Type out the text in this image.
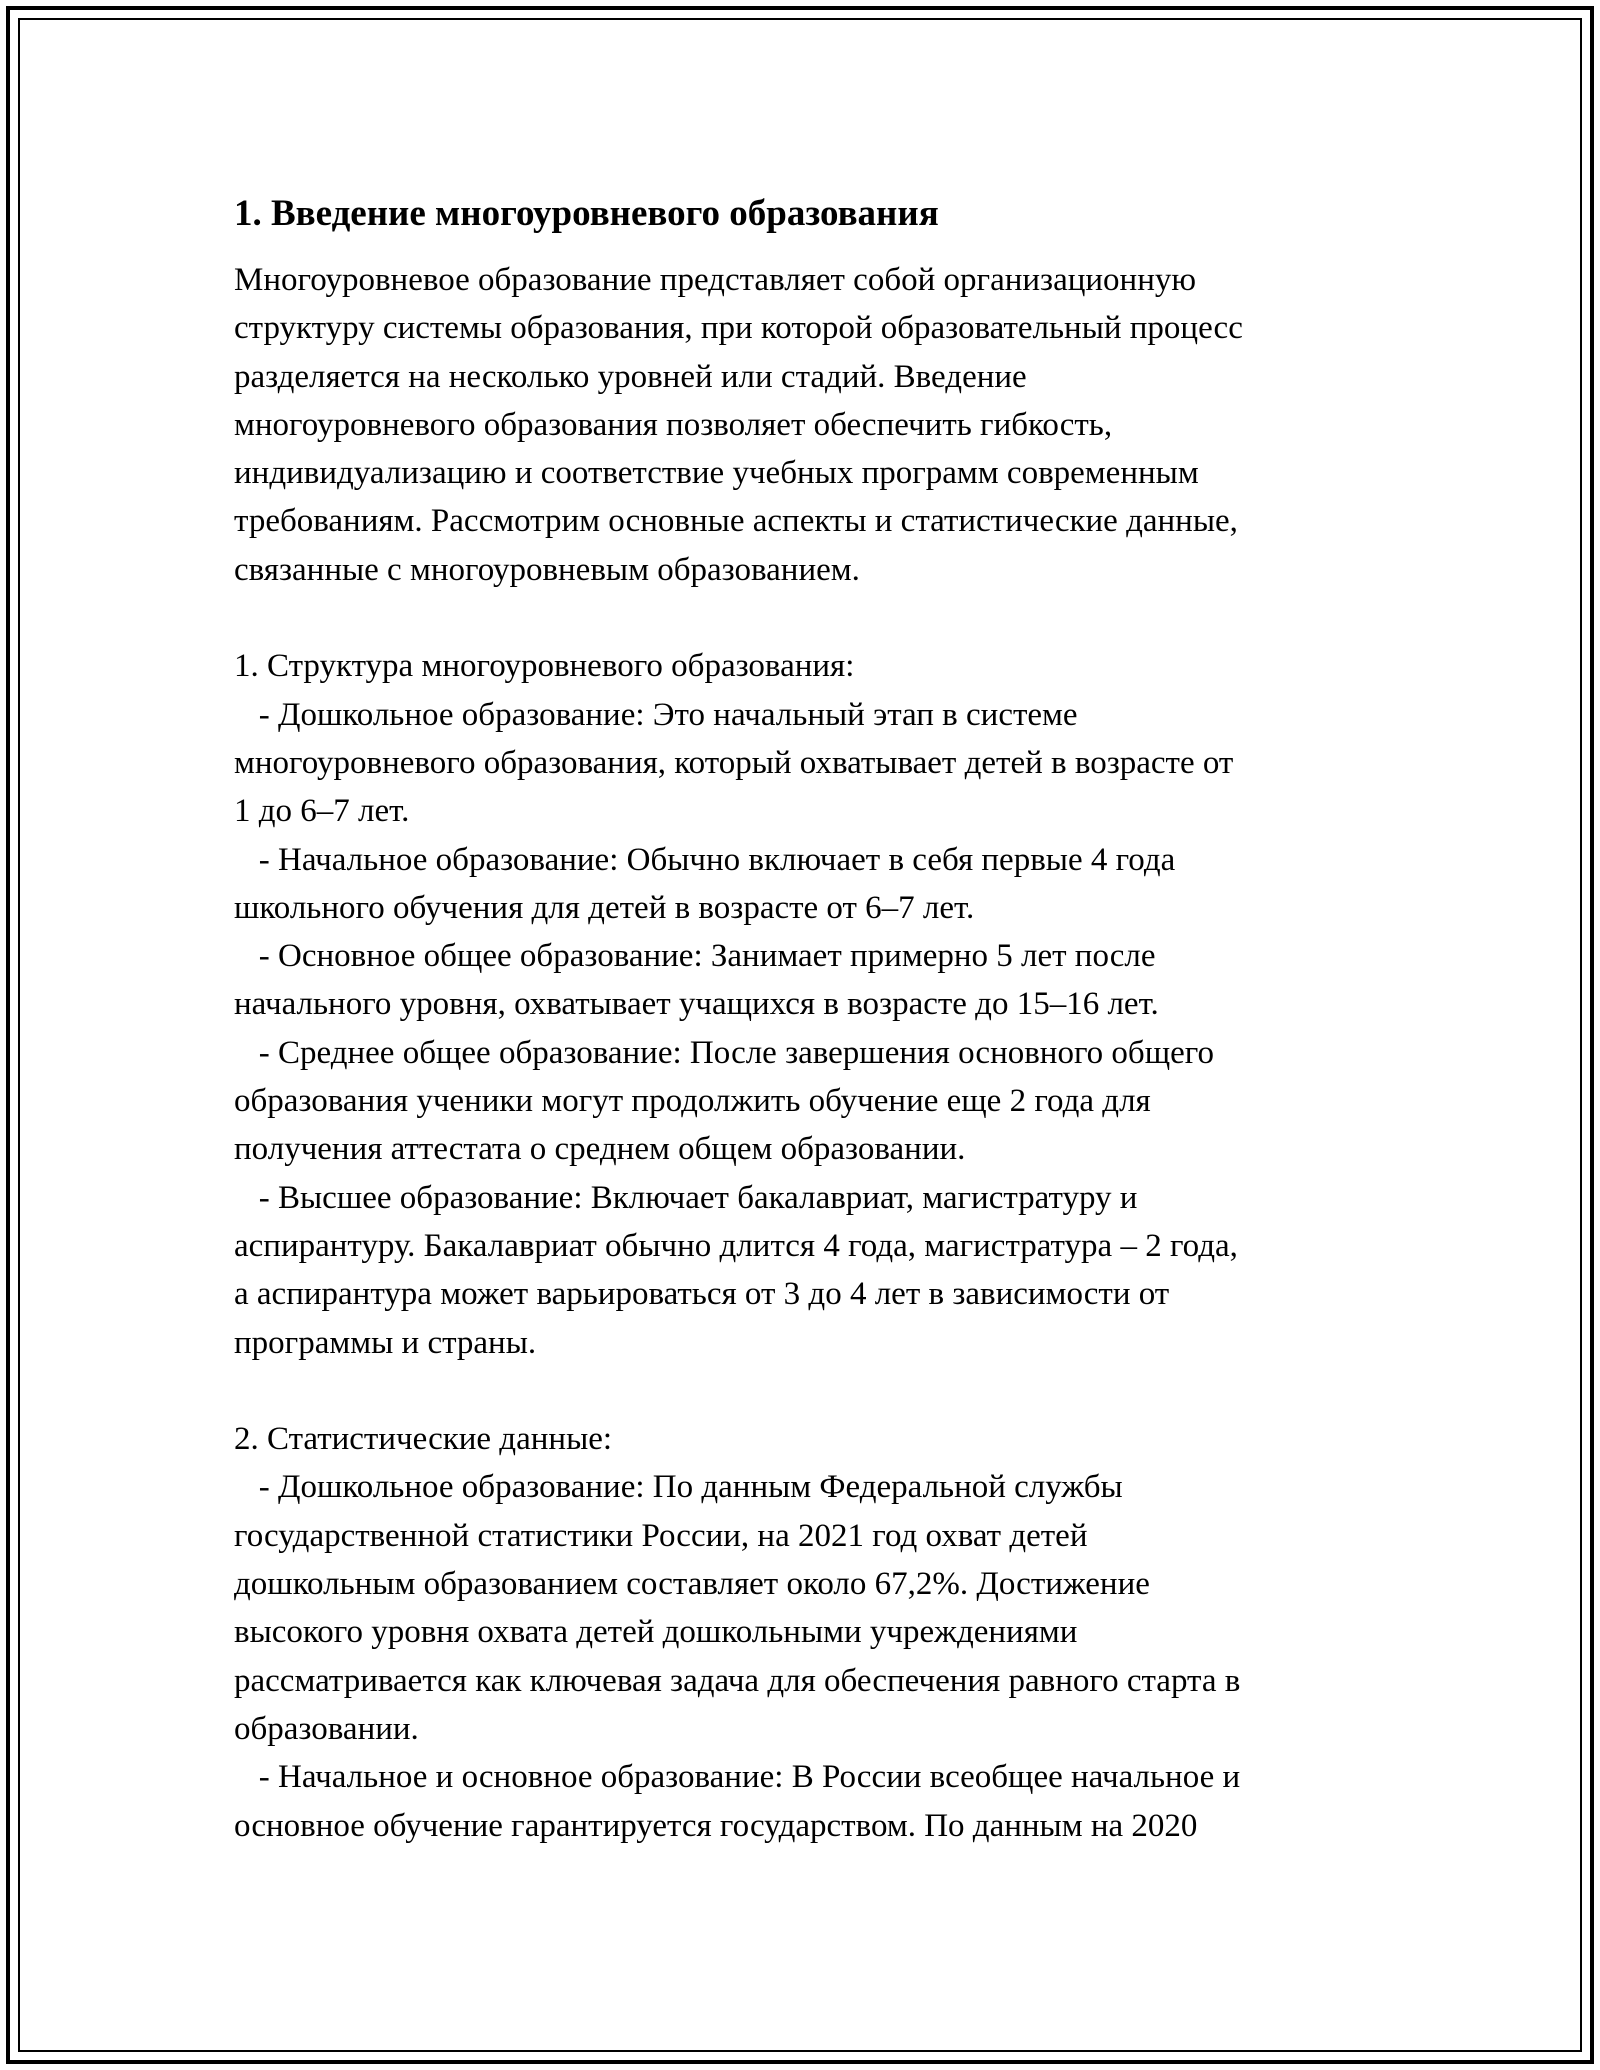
1. Введение многоуровневого образования
Многоуровневое образование представляет собой организационную
структуру системы образования, при которой образовательный процесс
разделяется на несколько уровней или стадий. Введение
многоуровневого образования позволяет обеспечить гибкость,
индивидуализацию и соответствие учебных программ современным
требованиям. Рассмотрим основные аспекты и статистические данные,
связанные с многоуровневым образованием.
1. Структура многоуровневого образования:
- Дошкольное образование: Это начальный этап в системе
многоуровневого образования, который охватывает детей в возрасте от
1 до 6–7 лет.
- Начальное образование: Обычно включает в себя первые 4 года
школьного обучения для детей в возрасте от 6–7 лет.
- Основное общее образование: Занимает примерно 5 лет после
начального уровня, охватывает учащихся в возрасте до 15–16 лет.
- Среднее общее образование: После завершения основного общего
образования ученики могут продолжить обучение еще 2 года для
получения аттестата о среднем общем образовании.
- Высшее образование: Включает бакалавриат, магистратуру и
аспирантуру. Бакалавриат обычно длится 4 года, магистратура – 2 года,
а аспирантура может варьироваться от 3 до 4 лет в зависимости от
программы и страны.
2. Статистические данные:
- Дошкольное образование: По данным Федеральной службы
государственной статистики России, на 2021 год охват детей
дошкольным образованием составляет около 67,2%. Достижение
высокого уровня охвата детей дошкольными учреждениями
рассматривается как ключевая задача для обеспечения равного старта в
образовании.
- Начальное и основное образование: В России всеобщее начальное и
основное обучение гарантируется государством. По данным на 2020
